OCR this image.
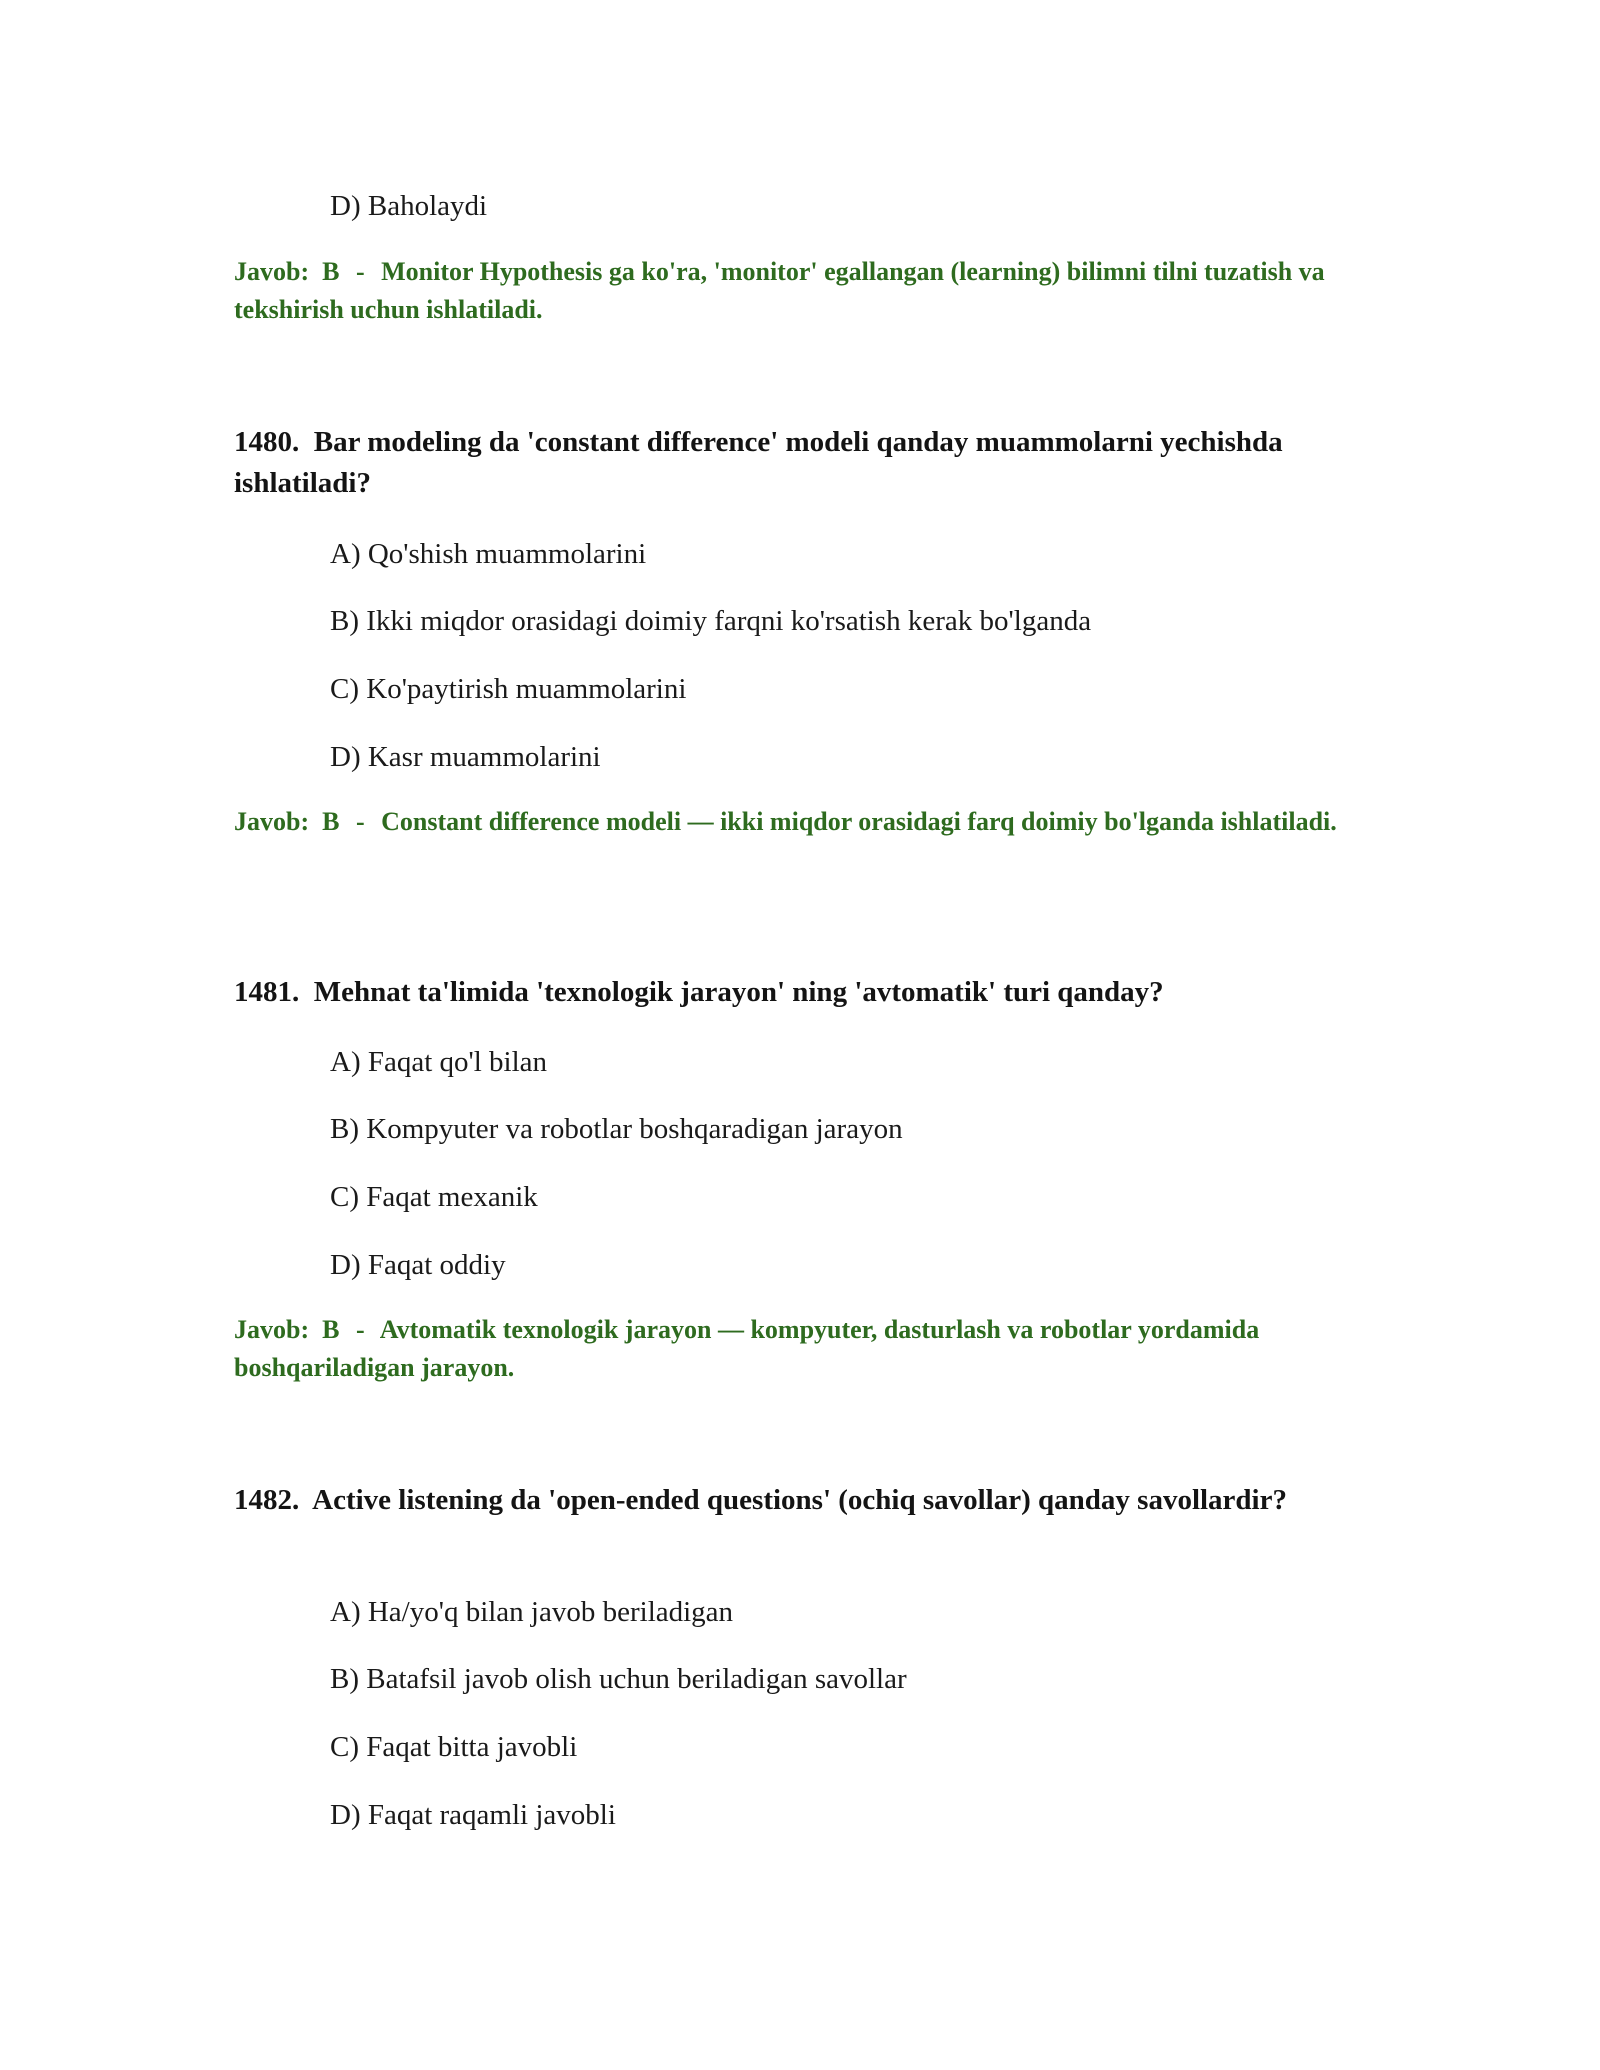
D) Baholaydi
Javob: B - Monitor Hypothesis ga ko'ra, 'monitor' egallangan (learning) bilimni tilni tuzatish va tekshirish uchun ishlatiladi.
1480. Bar modeling da 'constant difference' modeli qanday muammolarni yechishda ishlatiladi?
A) Qo'shish muammolarini
B) Ikki miqdor orasidagi doimiy farqni ko'rsatish kerak bo'lganda
C) Ko'paytirish muammolarini
D) Kasr muammolarini
Javob: B - Constant difference modeli — ikki miqdor orasidagi farq doimiy bo'lganda ishlatiladi.
1481. Mehnat ta'limida 'texnologik jarayon' ning 'avtomatik' turi qanday?
A) Faqat qo'l bilan
B) Kompyuter va robotlar boshqaradigan jarayon
C) Faqat mexanik
D) Faqat oddiy
Javob: B - Avtomatik texnologik jarayon — kompyuter, dasturlash va robotlar yordamida boshqariladigan jarayon.
1482. Active listening da 'open-ended questions' (ochiq savollar) qanday savollardir?
A) Ha/yo'q bilan javob beriladigan
B) Batafsil javob olish uchun beriladigan savollar
C) Faqat bitta javobli
D) Faqat raqamli javobli
